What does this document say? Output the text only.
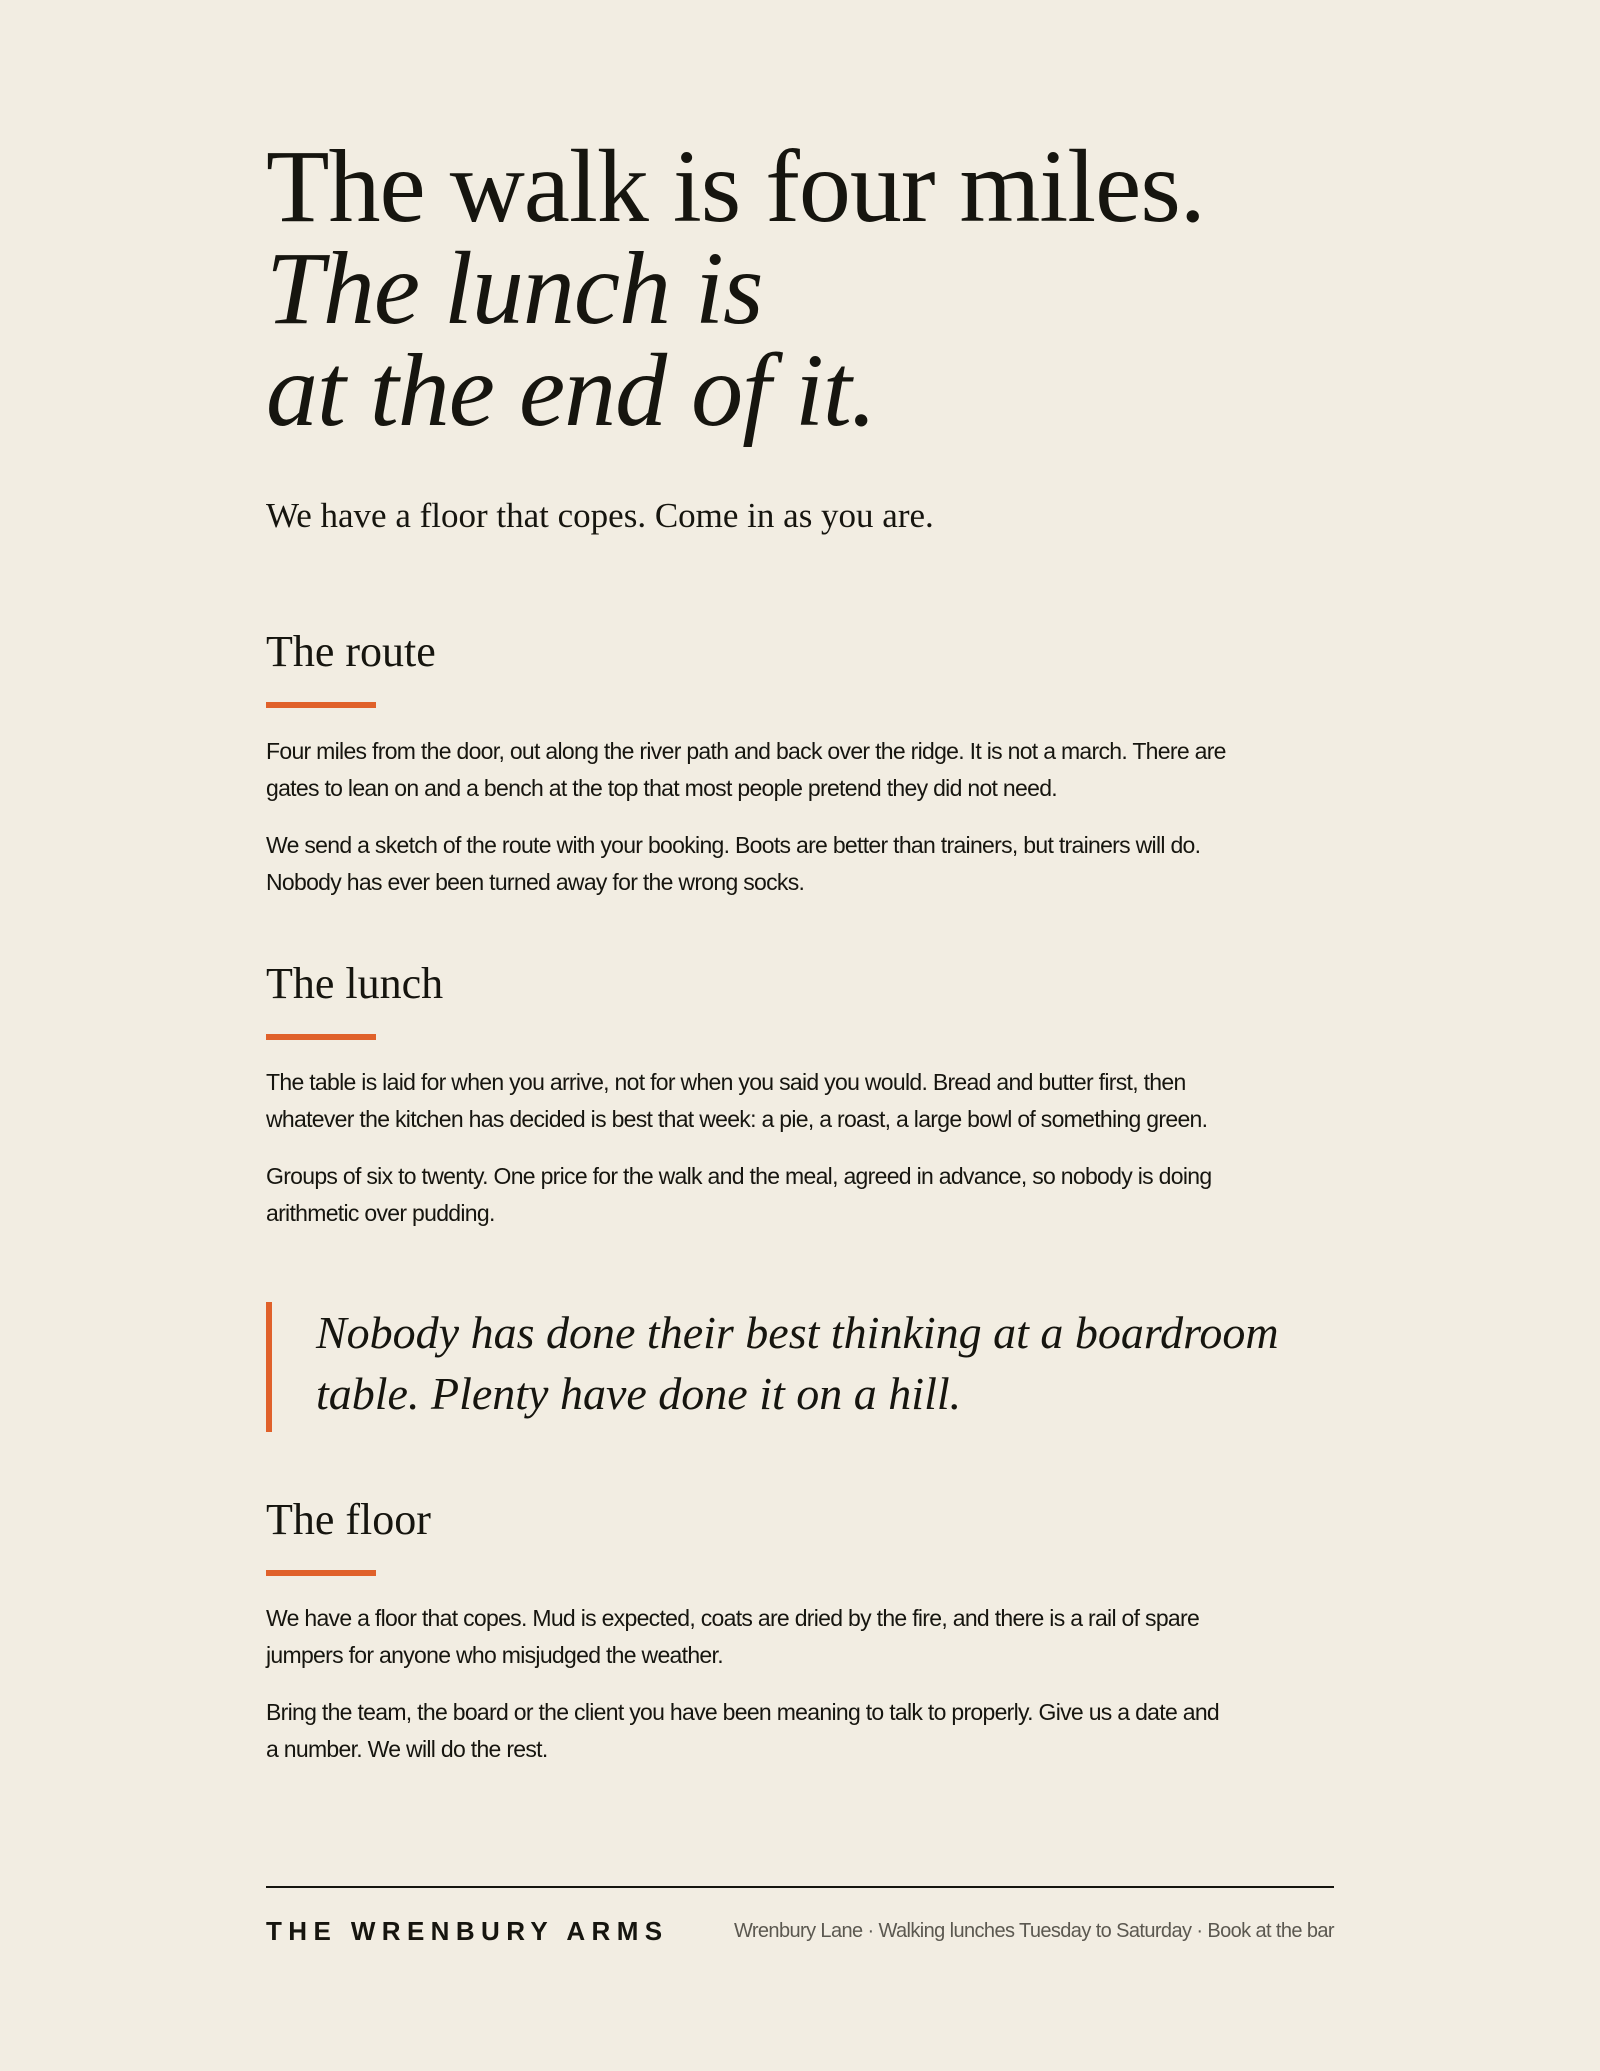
The walk is four miles.
The lunch is
at the end of it.

We have a floor that copes. Come in as you are.

The route

Four miles from the door, out along the river path and back over the ridge. It is not a march. There are gates to lean on and a bench at the top that most people pretend they did not need.

We send a sketch of the route with your booking. Boots are better than trainers, but trainers will do. Nobody has ever been turned away for the wrong socks.

The lunch

The table is laid for when you arrive, not for when you said you would. Bread and butter first, then whatever the kitchen has decided is best that week: a pie, a roast, a large bowl of something green.

Groups of six to twenty. One price for the walk and the meal, agreed in advance, so nobody is doing arithmetic over pudding.

Nobody has done their best thinking at a boardroom

table. Plenty have done it on a hill.

The floor

We have a floor that copes. Mud is expected, coats are dried by the fire, and there is a rail of spare jumpers for anyone who misjudged the weather.

Bring the team, the board or the client you have been meaning to talk to properly. Give us a date and a number. We will do the rest.

THE WRENBURY ARMS	Wrenbury Lane · Walking lunches Tuesday to Saturday · Book at the bar
